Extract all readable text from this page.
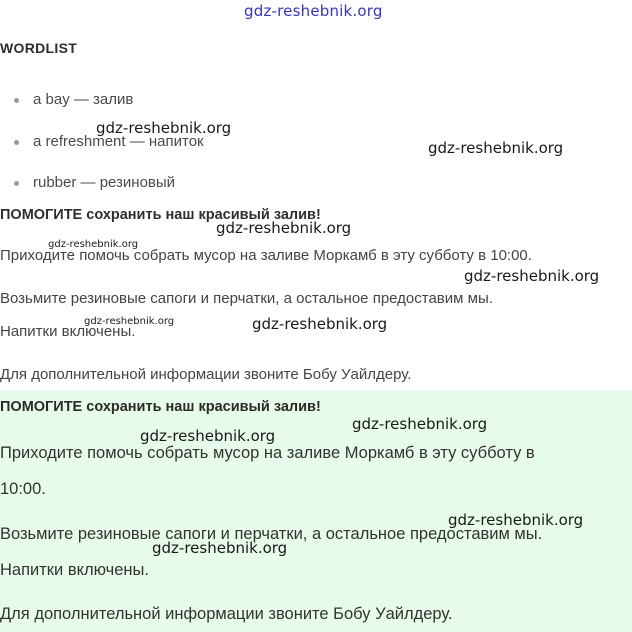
gdz-reshebnik.org
WORDLIST
a bay — залив
a refreshment — напиток
rubber — резиновый
ПОМОГИТЕ сохранить наш красивый залив!
Приходите помочь собрать мусор на заливе Моркамб в эту субботу в 10:00.
Возьмите резиновые сапоги и перчатки, а остальное предоставим мы.
Напитки включены.
Для дополнительной информации звоните Бобу Уайлдеру.
ПОМОГИТЕ сохранить наш красивый залив!
Приходите помочь собрать мусор на заливе Моркамб в эту субботу в
10:00.
Возьмите резиновые сапоги и перчатки, а остальное предоставим мы.
Напитки включены.
Для дополнительной информации звоните Бобу Уайлдеру.
gdz-reshebnik.org
gdz-reshebnik.org
gdz-reshebnik.org
gdz-reshebnik.org
gdz-reshebnik.org
gdz-reshebnik.org	gdz-reshebnik.org
gdz-reshebnik.org
gdz-reshebnik.org
gdz-reshebnik.org
gdz-reshebnik.org
